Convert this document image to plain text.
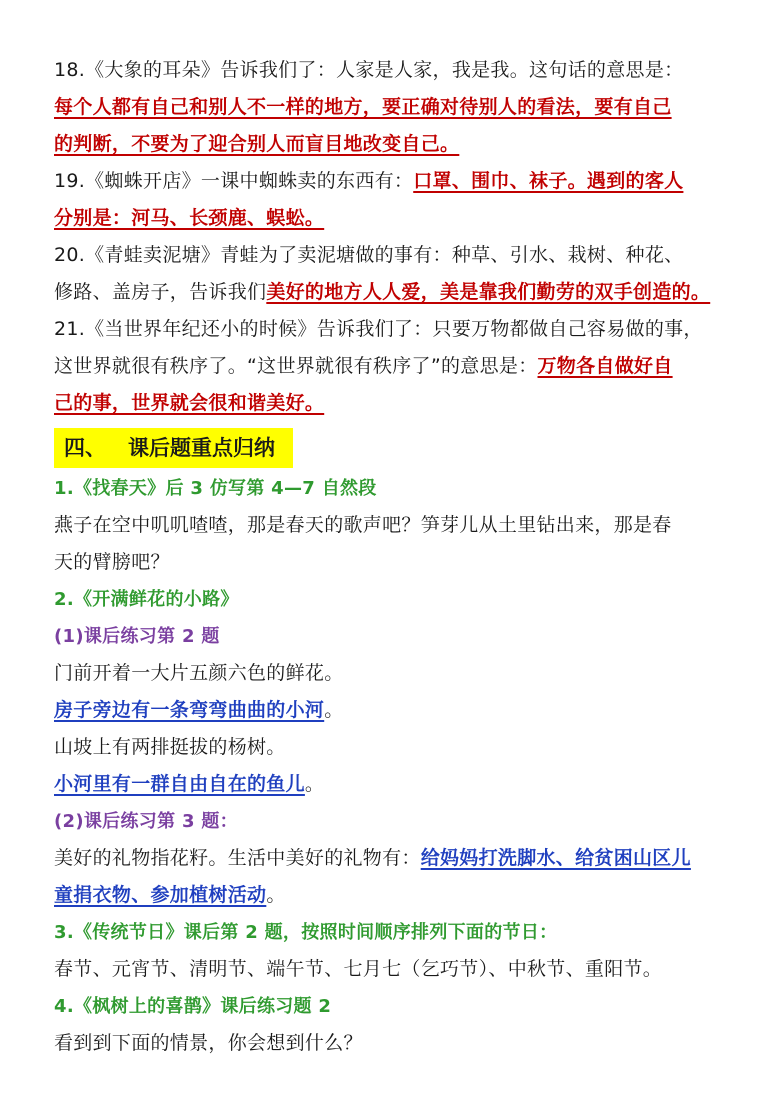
18.《大象的耳朵》告诉我们了：人家是人家，我是我。这句话的意思是：
每个人都有自己和别人不一样的地方，要正确对待别人的看法，要有自己
的判断，不要为了迎合别人而盲目地改变自己。
19.《蜘蛛开店》一课中蜘蛛卖的东西有：口罩、围巾、袜子。遇到的客人
分别是：河马、长颈鹿、蜈蚣。
20.《青蛙卖泥塘》青蛙为了卖泥塘做的事有：种草、引水、栽树、种花、
修路、盖房子，告诉我们美好的地方人人爱，美是靠我们勤劳的双手创造的。
21.《当世界年纪还小的时候》告诉我们了：只要万物都做自己容易做的事，
这世界就很有秩序了。“这世界就很有秩序了”的意思是：万物各自做好自
己的事，世界就会很和谐美好。
四、 课后题重点归纳
1.《找春天》后 3 仿写第 4—7 自然段
燕子在空中叽叽喳喳，那是春天的歌声吧？笋芽儿从土里钻出来，那是春
天的臂膀吧？
2.《开满鲜花的小路》
(1)课后练习第 2 题
门前开着一大片五颜六色的鲜花。
房子旁边有一条弯弯曲曲的小河。
山坡上有两排挺拔的杨树。
小河里有一群自由自在的鱼儿。
(2)课后练习第 3 题：
美好的礼物指花籽。生活中美好的礼物有：给妈妈打洗脚水、给贫困山区儿
童捐衣物、参加植树活动。
3.《传统节日》课后第 2 题，按照时间顺序排列下面的节日：
春节、元宵节、清明节、端午节、七月七（乞巧节）、中秋节、重阳节。
4.《枫树上的喜鹊》课后练习题 2
看到到下面的情景，你会想到什么？
